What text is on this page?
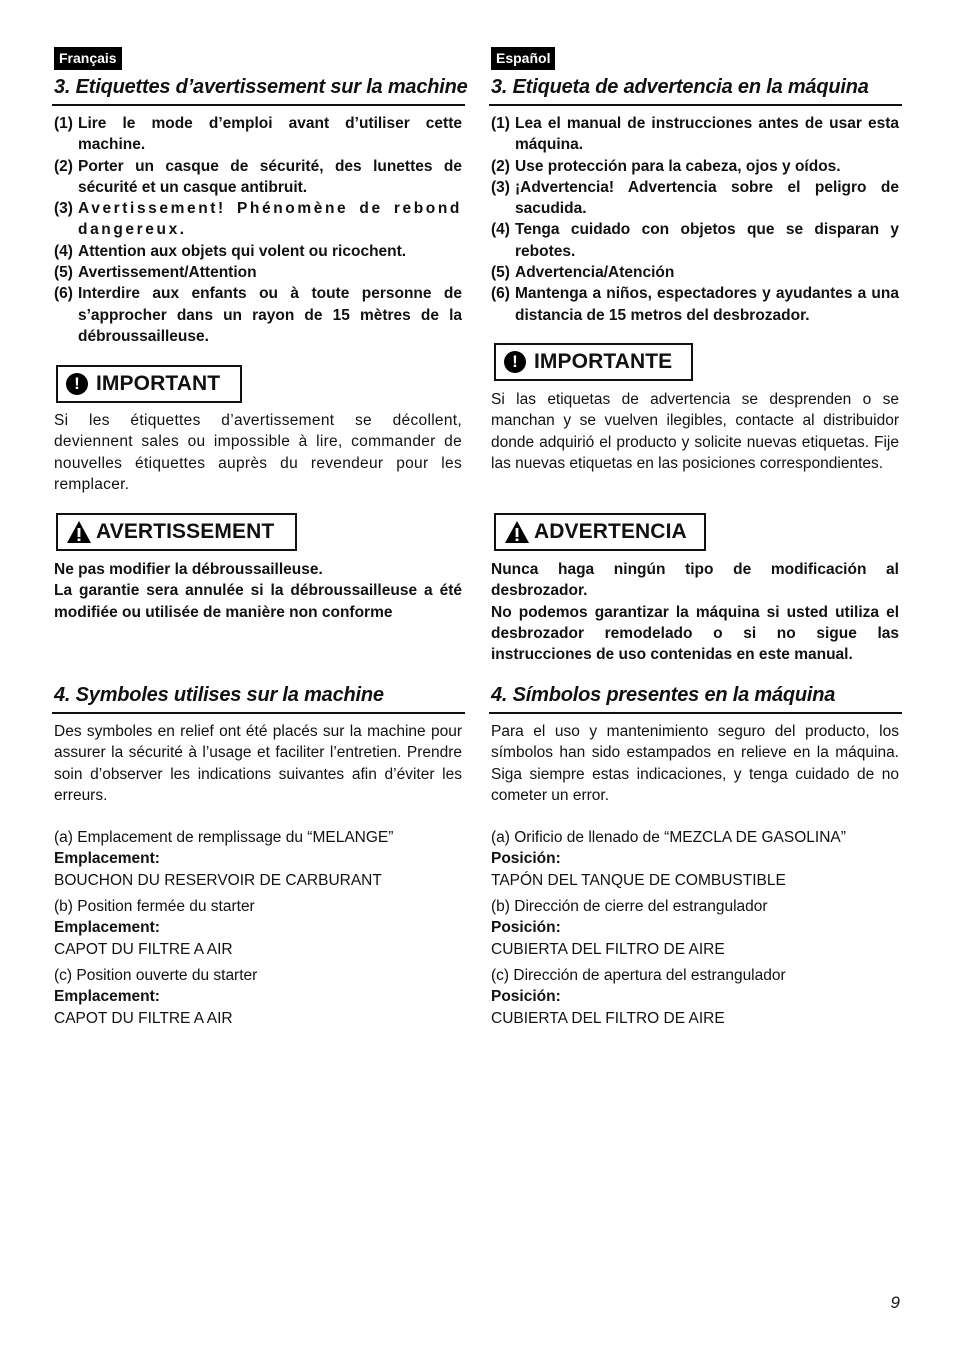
Français
3. Etiquettes d’avertissement sur la machine
(1) Lire le mode d’emploi avant d’utiliser cette machine.
(2) Porter un casque de sécurité, des lunettes de sécurité et un casque antibruit.
(3) Avertissement! Phénomène de rebond dangereux.
(4) Attention aux objets qui volent ou ricochent.
(5) Avertissement/Attention
(6) Interdire aux enfants ou à toute personne de s’approcher dans un rayon de 15 mètres de la débroussailleuse.
! IMPORTANT
Si les étiquettes d’avertissement se décollent, deviennent sales ou impossible à lire, commander de nouvelles étiquettes auprès du revendeur pour les remplacer.
AVERTISSEMENT
Ne pas modifier la débroussailleuse.
La garantie sera annulée si la débroussailleuse a été modifiée ou utilisée de manière non conforme
4. Symboles utilises sur la machine
Des symboles en relief ont été placés sur la machine pour assurer la sécurité à l’usage et faciliter l’entretien. Prendre soin d’observer les indications suivantes afin d’éviter les erreurs.
(a) Emplacement de remplissage du “MELANGE”
Emplacement:
BOUCHON DU RESERVOIR DE CARBURANT
(b) Position fermée du starter
Emplacement:
CAPOT DU FILTRE A AIR
(c) Position ouverte du starter
Emplacement:
CAPOT DU FILTRE A AIR
Español
3. Etiqueta de advertencia en la máquina
(1) Lea el manual de instrucciones antes de usar esta máquina.
(2) Use protección para la cabeza, ojos y oídos.
(3) ¡Advertencia! Advertencia sobre el peligro de sacudida.
(4) Tenga cuidado con objetos que se disparan y rebotes.
(5) Advertencia/Atención
(6) Mantenga a niños, espectadores y ayudantes a una distancia de 15 metros del desbrozador.
! IMPORTANTE
Si las etiquetas de advertencia se desprenden o se manchan y se vuelven ilegibles, contacte al distribuidor donde adquirió el producto y solicite nuevas etiquetas. Fije las nuevas etiquetas en las posiciones correspondientes.
ADVERTENCIA
Nunca haga ningún tipo de modificación al desbrozador.
No podemos garantizar la máquina si usted utiliza el desbrozador remodelado o si no sigue las instrucciones de uso contenidas en este manual.
4. Símbolos presentes en la máquina
Para el uso y mantenimiento seguro del producto, los símbolos han sido estampados en relieve en la máquina. Siga siempre estas indicaciones, y tenga cuidado de no cometer un error.
(a) Orificio de llenado de “MEZCLA DE GASOLINA”
Posición:
TAPÓN DEL TANQUE DE COMBUSTIBLE
(b) Dirección de cierre del estrangulador
Posición:
CUBIERTA DEL FILTRO DE AIRE
(c) Dirección de apertura del estrangulador
Posición:
CUBIERTA DEL FILTRO DE AIRE
9
